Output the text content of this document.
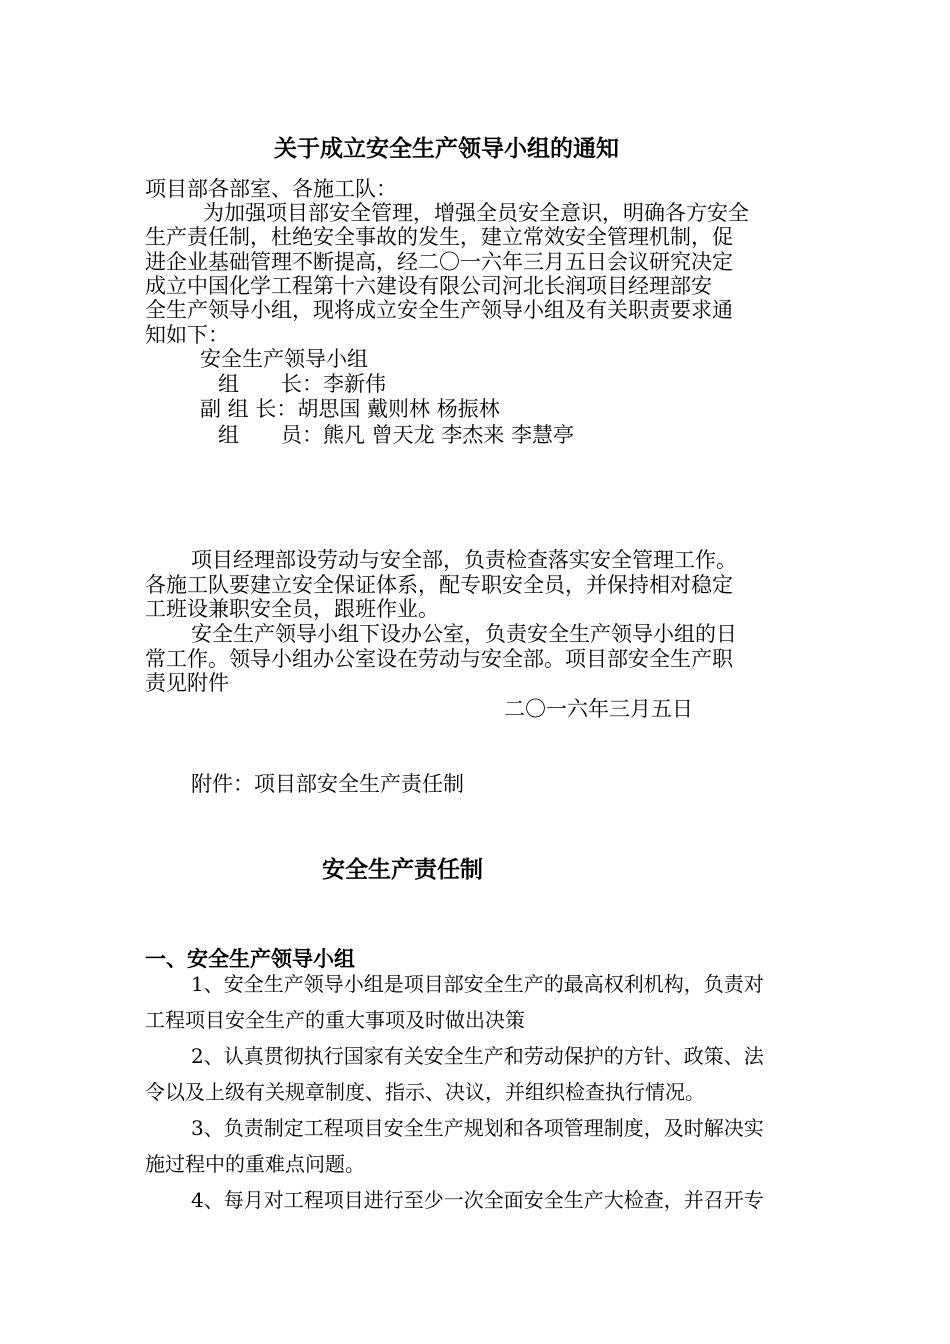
关于成立安全生产领导小组的通知
项目部各部室、各施工队：
为加强项目部安全管理，增强全员安全意识，明确各方安全
生产责任制，杜绝安全事故的发生，建立常效安全管理机制，促
进企业基础管理不断提高，经二〇一六年三月五日会议研究决定
成立中国化学工程第十六建设有限公司河北长润项目经理部安
全生产领导小组，现将成立安全生产领导小组及有关职责要求通
知如下：
安全生产领导小组
组　　长：李新伟
副 组 长：胡思国 戴则林 杨振林
组　　员：熊凡 曾天龙 李杰来 李慧亭
项目经理部设劳动与安全部，负责检查落实安全管理工作。
各施工队要建立安全保证体系，配专职安全员，并保持相对稳定
工班设兼职安全员，跟班作业。
安全生产领导小组下设办公室，负责安全生产领导小组的日
常工作。领导小组办公室设在劳动与安全部。项目部安全生产职
责见附件
二〇一六年三月五日
附件：项目部安全生产责任制
安全生产责任制
一、安全生产领导小组
1、安全生产领导小组是项目部安全生产的最高权利机构，负责对
工程项目安全生产的重大事项及时做出决策
2、认真贯彻执行国家有关安全生产和劳动保护的方针、政策、法
令以及上级有关规章制度、指示、决议，并组织检查执行情况。
3、负责制定工程项目安全生产规划和各项管理制度，及时解决实
施过程中的重难点问题。
4、每月对工程项目进行至少一次全面安全生产大检查，并召开专
